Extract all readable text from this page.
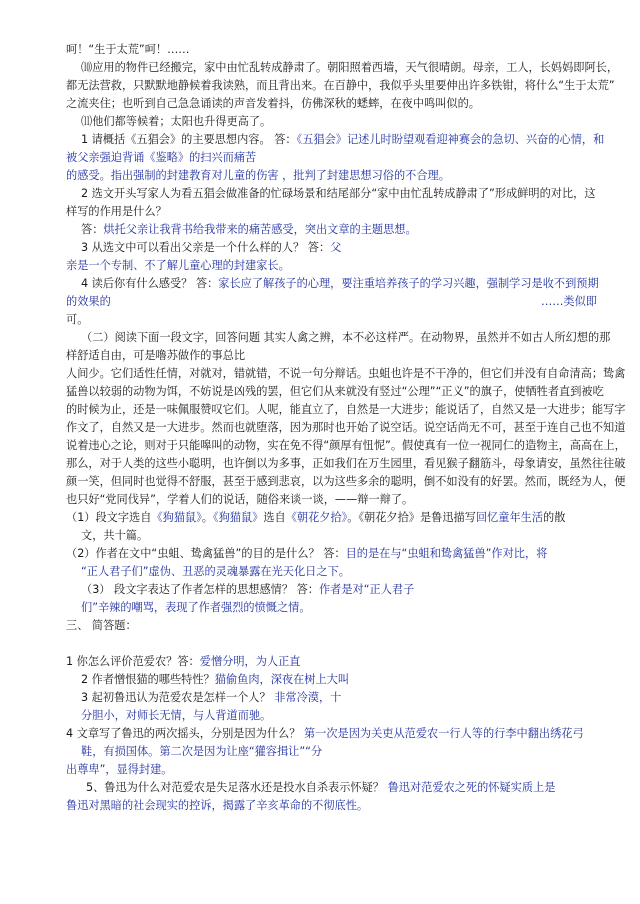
呵！“生于太荒”呵！……
⑽应用的物件已经搬完，家中由忙乱转成静肃了。朝阳照着西墙，天气很晴朗。母亲，工人，长妈妈即阿长，
都无法营救，只默默地静候着我读熟，而且背出来。在百静中，我似乎头里要伸出许多铁钳，将什么“生于太荒”
之流夹住；也听到自己急急诵读的声音发着抖，仿佛深秋的蟋蟀，在夜中鸣叫似的。
⑾他们都等候着；太阳也升得更高了。
1 请概括《五猖会》的主要思想内容。 答：《五猖会》记述儿时盼望观看迎神赛会的急切、兴奋的心情，和
被父亲强迫背诵《鉴略》的扫兴而痛苦
的感受。指出强制的封建教育对儿童的伤害 ，批判了封建思想习俗的不合理。
2 选文开头写家人为看五猖会做准备的忙碌场景和结尾部分“家中由忙乱转成静肃了”形成鲜明的对比，这
样写的作用是什么？
答：烘托父亲让我背书给我带来的痛苦感受，突出文章的主题思想。
3 从选文中可以看出父亲是一个什么样的人？ 答：父
亲是一个专制、不了解儿童心理的封建家长。
4 读后你有什么感受？ 答：家长应了解孩子的心理，要注重培养孩子的学习兴趣，强制学习是收不到预期
的效果的	……类似即
可。
（二）阅读下面一段文字，回答问题 其实人禽之辨，本不必这样严。在动物界，虽然并不如古人所幻想的那
样舒适自由，可是噜苏做作的事总比
人间少。它们适性任情，对就对，错就错，不说一句分辩话。虫蛆也许是不干净的，但它们并没有自命清高；鸷禽
猛兽以较弱的动物为饵，不妨说是凶残的罢，但它们从来就没有竖过“公理”“正义”的旗子，使牺牲者直到被吃
的时候为止，还是一味佩服赞叹它们。人呢，能直立了，自然是一大进步；能说话了，自然又是一大进步；能写字
作文了，自然又是一大进步。然而也就堕落，因为那时也开始了说空话。说空话尚无不可，甚至于连自己也不知道
说着违心之论，则对于只能嗥叫的动物，实在免不得“颜厚有忸怩”。假使真有一位一视同仁的造物主，高高在上，
那么，对于人类的这些小聪明，也许倒以为多事，正如我们在万生园里，看见猴子翻筋斗，母象请安，虽然往往破
颜一笑，但同时也觉得不舒服，甚至于感到悲哀，以为这些多余的聪明，倒不如没有的好罢。然而，既经为人，便
也只好“党同伐异”，学着人们的说话，随俗来谈一谈，——辩一辩了。
（1）段文字选自《狗猫鼠》。《狗猫鼠》选自《朝花夕拾》。《朝花夕拾》是鲁迅描写回忆童年生活的散
文，共十篇。
（2）作者在文中“虫蛆、鸷禽猛兽”的目的是什么？ 答：目的是在与“虫蛆和鸷禽猛兽”作对比，将
“正人君子们”虚伪、丑恶的灵魂暴露在光天化日之下。
（3） 段文字表达了作者怎样的思想感情？ 答：作者是对“正人君子
们”辛辣的嘲骂，表现了作者强烈的愤慨之情。
三、 简答题：
1 你怎么评价范爱农？答：爱憎分明，为人正直
2 作者憎恨猫的哪些特性？猫偷鱼肉，深夜在树上大叫
3 起初鲁迅认为范爱农是怎样一个人？ 非常冷漠，十
分胆小，对师长无情，与人背道而驰。
4 文章写了鲁迅的两次摇头，分别是因为什么？ 第一次是因为关吏从范爱农一行人等的行李中翻出绣花弓
鞋，有损国体。第二次是因为让座“獾容揖让”“分
出尊卑”，显得封建。
5、鲁迅为什么对范爱农是失足落水还是投水自杀表示怀疑？ 鲁迅对范爱农之死的怀疑实质上是
鲁迅对黑暗的社会现实的控诉，揭露了辛亥革命的不彻底性。
